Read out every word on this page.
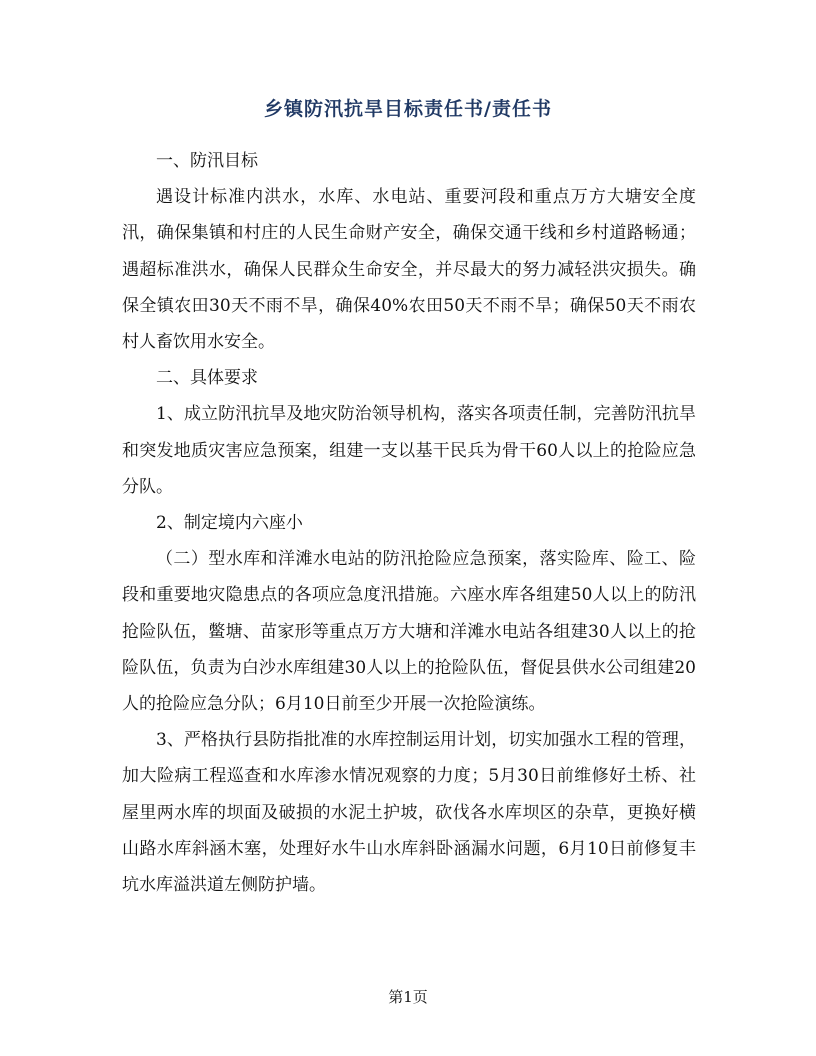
乡镇防汛抗旱目标责任书/责任书

一、防汛目标

遇设计标准内洪水，水库、水电站、重要河段和重点万方大塘安全度汛，确保集镇和村庄的人民生命财产安全，确保交通干线和乡村道路畅通；遇超标准洪水，确保人民群众生命安全，并尽最大的努力减轻洪灾损失。确保全镇农田30天不雨不旱，确保40%农田50天不雨不旱；确保50天不雨农村人畜饮用水安全。

二、具体要求

1、成立防汛抗旱及地灾防治领导机构，落实各项责任制，完善防汛抗旱和突发地质灾害应急预案，组建一支以基干民兵为骨干60人以上的抢险应急分队。

2、制定境内六座小

（二）型水库和洋滩水电站的防汛抢险应急预案，落实险库、险工、险段和重要地灾隐患点的各项应急度汛措施。六座水库各组建50人以上的防汛抢险队伍，鳖塘、苗家形等重点万方大塘和洋滩水电站各组建30人以上的抢险队伍，负责为白沙水库组建30人以上的抢险队伍，督促县供水公司组建20人的抢险应急分队；6月10日前至少开展一次抢险演练。

3、严格执行县防指批准的水库控制运用计划，切实加强水工程的管理，加大险病工程巡查和水库渗水情况观察的力度；5月30日前维修好土桥、社屋里两水库的坝面及破损的水泥土护坡，砍伐各水库坝区的杂草，更换好横山路水库斜涵木塞，处理好水牛山水库斜卧涵漏水问题，6月10日前修复丰坑水库溢洪道左侧防护墙。

第1页
